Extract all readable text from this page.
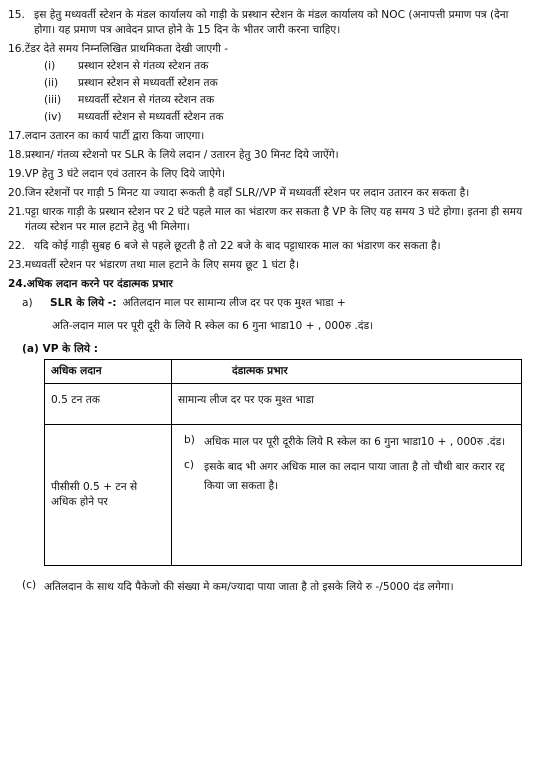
15. इस हेतु मध्यवर्ती स्टेशन के मंडल कार्यालय को गाड़ी के प्रस्थान स्टेशन के मंडल कार्यालय को NOC (अनापत्ती प्रमाण पत्र (देना होगा। यह प्रमाण पत्र आवेदन प्राप्त होने के 15 दिन के भीतर जारी करना चाहिए।
16. टेंडर देते समय निम्नलिखित प्राथमिकता देखी जाएगी -
(i)	प्रस्थान स्टेशन से गंतव्य स्टेशन तक
(ii)	प्रस्थान स्टेशन से मध्यवर्ती स्टेशन तक
(iii)	मध्यवर्ती स्टेशन से गंतव्य स्टेशन तक
(iv)	मध्यवर्ती स्टेशन से मध्यवर्ती स्टेशन तक
17. लदान उतारन का कार्य पार्टी द्वारा किया जाएगा।
18. प्रस्थान/ गंतव्य स्टेशनो पर SLR के लिये लदान / उतारन हेतु 30 मिनट दिये जाऐंगे।
19. VP हेतु 3 घंटे लदान एवं उतारन के लिए दिये जाऐगे।
20. जिन स्टेशनों पर गाड़ी 5 मिनट या ज्यादा रूकती है वहाँ SLR//VP में मध्यवर्ती स्टेशन पर लदान उतारन कर सकता है।
21. पट्टा धारक गाड़ी के प्रस्थान स्टेशन पर 2 घंटे पहले माल का भंडारण कर सकता है VP के लिए यह समय 3 घंटे होगा। इतना ही समय गंतव्य स्टेशन पर माल हटाने हेतु भी मिलेगा।
22. यदि कोई गाड़ी सुबह 6 बजे से पहले छूटती है तो 22 बजे के बाद पट्टाधारक माल का भंडारण कर सकता है।
23. मध्यवर्ती स्टेशन पर भंडारण तथा माल हटाने के लिए समय छूट 1 घंटा है।
24. अधिक लदान करने पर दंडात्मक प्रभार
a)	SLR के लिये -: अतिलदान माल पर सामान्य लीज दर पर एक मुश्त भाडा +
अति-लदान माल पर पूरी दूरी के लिये R स्केल का 6 गुना भाडा10 + , 000रु .दंड।
(a) VP के लिये :
अधिक लदान	दंडात्मक प्रभार
0.5 टन तक	सामान्य लीज दर पर एक मुश्त भाडा
पीसीसी 0.5 + टन से अधिक होने पर	b) अधिक माल पर पूरी दूरीके लिये R स्केल का 6 गुना भाडा10 + , 000रु .दंड।
c) इसके बाद भी अगर अधिक माल का लदान पाया जाता है तो चौथी बार करार रद्द किया जा सकता है।
(c) अतिलदान के साथ यदि पैकेजो की संख्या मे कम/ज्यादा पाया जाता है तो इसके लिये रु -/5000 दंड लगेगा।
